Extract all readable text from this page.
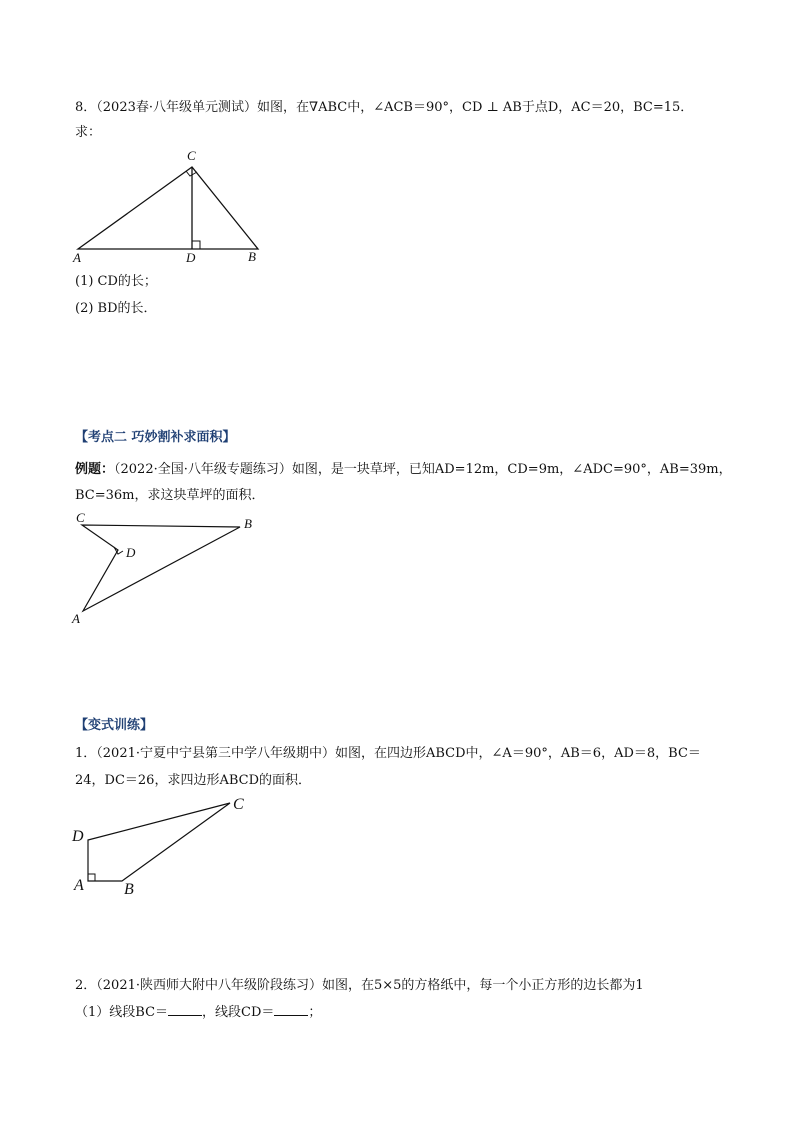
8．（2023春·八年级单元测试）如图，在∇ABC中，∠ACB＝90°，CD ⊥ AB于点D，AC＝20，BC=15．
求：
C
A	D	B
(1) CD的长；
(2) BD的长．
【考点二 巧妙割补求面积】
例题：（2022·全国·八年级专题练习）如图，是一块草坪，已知AD=12m，CD=9m，∠ADC=90°，AB=39m，
BC=36m，求这块草坪的面积．
C	B
D
A
【变式训练】
1．（2021·宁夏中宁县第三中学八年级期中）如图，在四边形ABCD中，∠A＝90°，AB＝6，AD＝8，BC＝
24，DC＝26，求四边形ABCD的面积．
C
D
A	B
2．（2021·陕西师大附中八年级阶段练习）如图，在5×5的方格纸中，每一个小正方形的边长都为1
（1）线段BC＝	，线段CD＝	；
